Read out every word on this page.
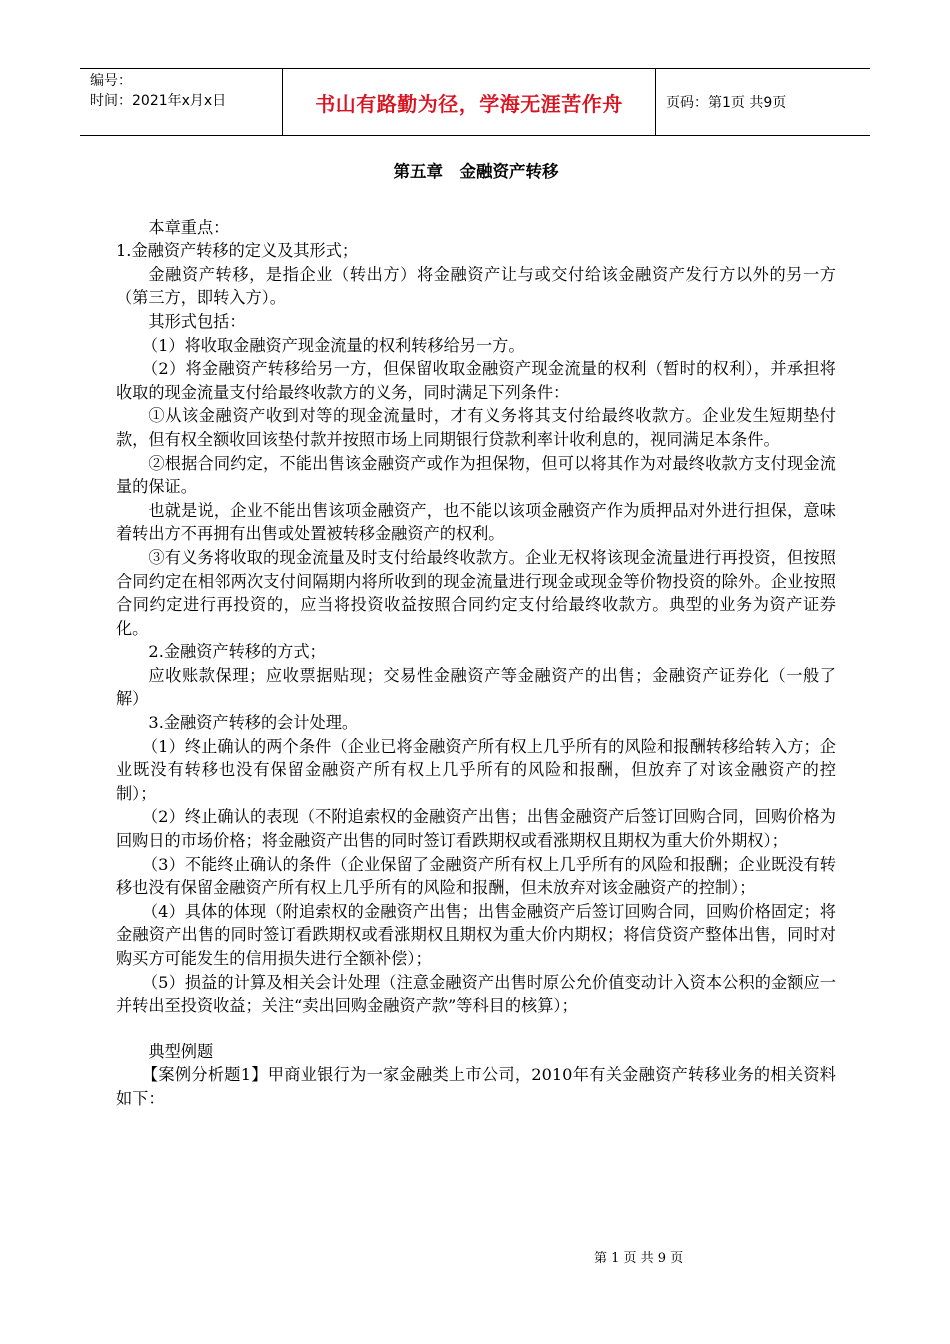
编号：
时间：2021年x月x日	书山有路勤为径，学海无涯苦作舟	页码：第1页 共9页
第五章　金融资产转移

本章重点：

1.金融资产转移的定义及其形式；

金融资产转移，是指企业（转出方）将金融资产让与或交付给该金融资产发行方以外的另一方（第三方，即转入方）。

其形式包括：

（1）将收取金融资产现金流量的权利转移给另一方。

（2）将金融资产转移给另一方，但保留收取金融资产现金流量的权利（暂时的权利），并承担将收取的现金流量支付给最终收款方的义务，同时满足下列条件：

①从该金融资产收到对等的现金流量时，才有义务将其支付给最终收款方。企业发生短期垫付款，但有权全额收回该垫付款并按照市场上同期银行贷款利率计收利息的，视同满足本条件。

②根据合同约定，不能出售该金融资产或作为担保物，但可以将其作为对最终收款方支付现金流量的保证。

也就是说，企业不能出售该项金融资产，也不能以该项金融资产作为质押品对外进行担保，意味着转出方不再拥有出售或处置被转移金融资产的权利。

③有义务将收取的现金流量及时支付给最终收款方。企业无权将该现金流量进行再投资，但按照合同约定在相邻两次支付间隔期内将所收到的现金流量进行现金或现金等价物投资的除外。企业按照合同约定进行再投资的，应当将投资收益按照合同约定支付给最终收款方。典型的业务为资产证券化。

2.金融资产转移的方式；

应收账款保理；应收票据贴现；交易性金融资产等金融资产的出售；金融资产证券化（一般了解）

3.金融资产转移的会计处理。

（1）终止确认的两个条件（企业已将金融资产所有权上几乎所有的风险和报酬转移给转入方；企业既没有转移也没有保留金融资产所有权上几乎所有的风险和报酬，但放弃了对该金融资产的控制）；

（2）终止确认的表现（不附追索权的金融资产出售；出售金融资产后签订回购合同，回购价格为回购日的市场价格；将金融资产出售的同时签订看跌期权或看涨期权且期权为重大价外期权）；

（3）不能终止确认的条件（企业保留了金融资产所有权上几乎所有的风险和报酬；企业既没有转移也没有保留金融资产所有权上几乎所有的风险和报酬，但未放弃对该金融资产的控制）；

（4）具体的体现（附追索权的金融资产出售；出售金融资产后签订回购合同，回购价格固定；将金融资产出售的同时签订看跌期权或看涨期权且期权为重大价内期权；将信贷资产整体出售，同时对购买方可能发生的信用损失进行全额补偿）；

（5）损益的计算及相关会计处理（注意金融资产出售时原公允价值变动计入资本公积的金额应一并转出至投资收益；关注“卖出回购金融资产款”等科目的核算）；

典型例题

【案例分析题1】甲商业银行为一家金融类上市公司，2010年有关金融资产转移业务的相关资料如下：

第 1 页 共 9 页
